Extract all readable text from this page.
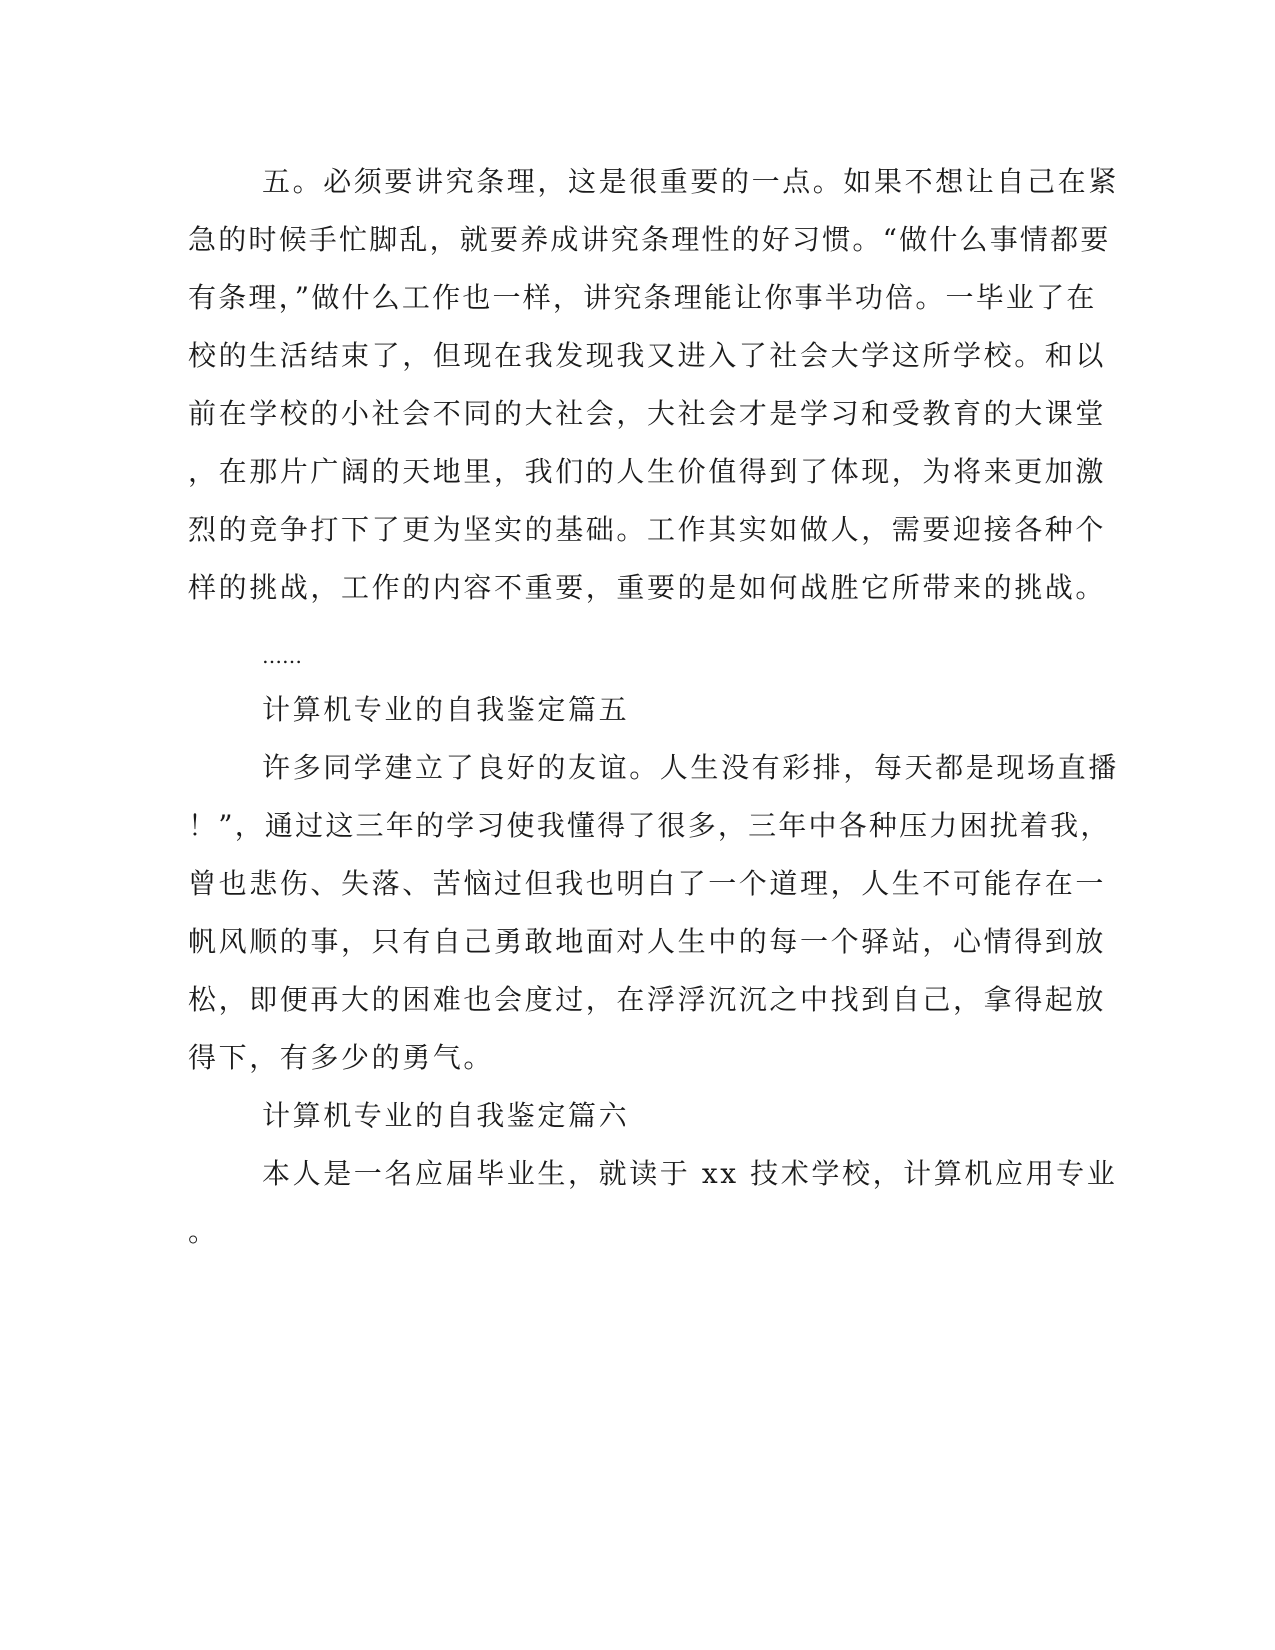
五。必须要讲究条理，这是很重要的一点。如果不想让自己在紧
急的时候手忙脚乱，就要养成讲究条理性的好习惯。“做什么事情都要
有条理，”做什么工作也一样，讲究条理能让你事半功倍。一毕业了在
校的生活结束了，但现在我发现我又进入了社会大学这所学校。和以
前在学校的小社会不同的大社会，大社会才是学习和受教育的大课堂
，在那片广阔的天地里，我们的人生价值得到了体现，为将来更加激
烈的竞争打下了更为坚实的基础。工作其实如做人，需要迎接各种个
样的挑战，工作的内容不重要，重要的是如何战胜它所带来的挑战。
……
计算机专业的自我鉴定篇五
许多同学建立了良好的友谊。人生没有彩排，每天都是现场直播
！”，通过这三年的学习使我懂得了很多，三年中各种压力困扰着我，
曾也悲伤、失落、苦恼过但我也明白了一个道理，人生不可能存在一
帆风顺的事，只有自己勇敢地面对人生中的每一个驿站，心情得到放
松，即便再大的困难也会度过，在浮浮沉沉之中找到自己，拿得起放
得下，有多少的勇气。
计算机专业的自我鉴定篇六
本人是一名应届毕业生，就读于 xx 技术学校，计算机应用专业
。
